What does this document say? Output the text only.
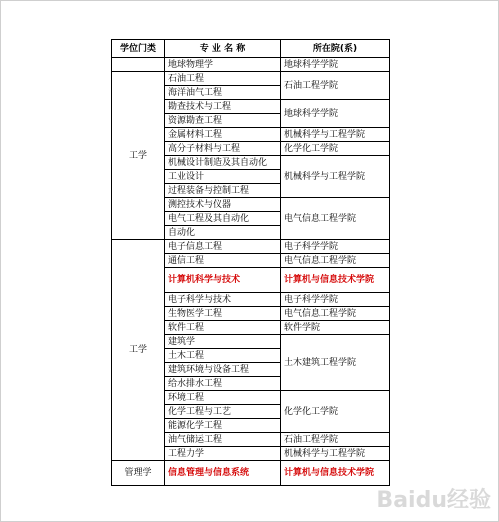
学位门类	专 业 名 称	所在院(系)
	地球物理学	地球科学学院
工学	石油工程	石油工程学院
	海洋油气工程	
	勘查技术与工程	地球科学学院
	资源勘查工程	
	金属材料工程	机械科学与工程学院
	高分子材料与工程	化学化工学院
	机械设计制造及其自动化	机械科学与工程学院
	工业设计	
	过程装备与控制工程	
	测控技术与仪器	电气信息工程学院
	电气工程及其自动化	
	自动化	
工学	电子信息工程	电子科学学院
	通信工程	电气信息工程学院
	计算机科学与技术	计算机与信息技术学院
	电子科学与技术	电子科学学院
	生物医学工程	电气信息工程学院
	软件工程	软件学院
	建筑学	土木建筑工程学院
	土木工程	
	建筑环境与设备工程	
	给水排水工程	
	环境工程	化学化工学院
	化学工程与工艺	
	能源化学工程	
	油气储运工程	石油工程学院
	工程力学	机械科学与工程学院
管理学	信息管理与信息系统	计算机与信息技术学院
Baidu经验
